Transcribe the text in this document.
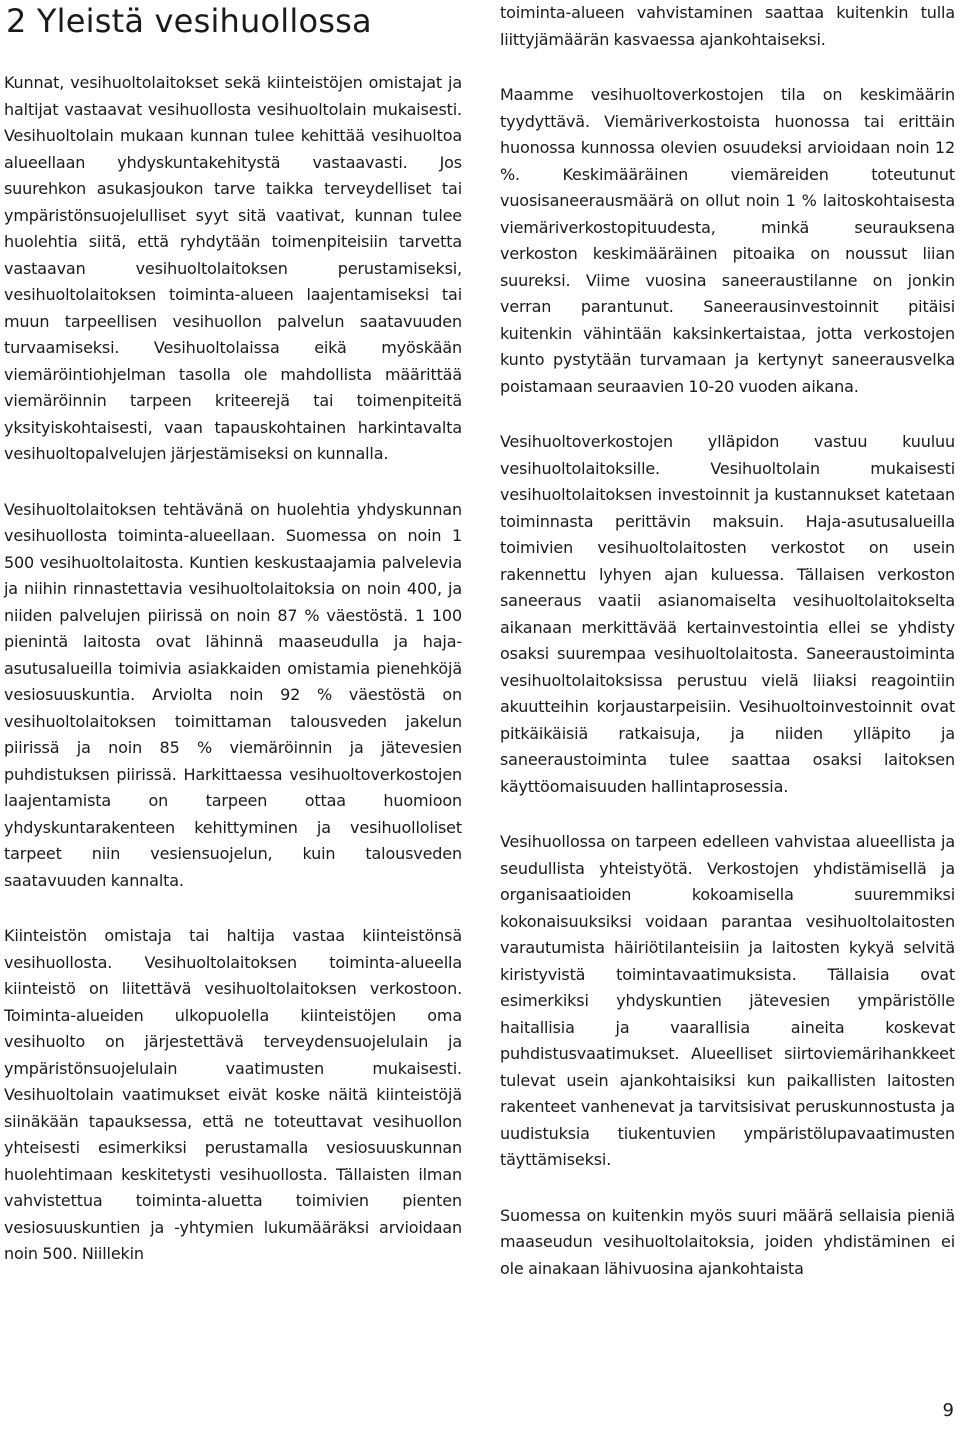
2 Yleistä vesihuollossa

Kunnat, vesihuoltolaitokset sekä kiinteistöjen omistajat ja haltijat vastaavat vesihuollosta vesihuoltolain mukaisesti. Vesihuoltolain mukaan kunnan tulee kehittää vesihuoltoa alueellaan yhdyskuntakehitystä vastaavasti. Jos suurehkon asukasjoukon tarve taikka terveydelliset tai ympäristönsuojelulliset syyt sitä vaativat, kunnan tulee huolehtia siitä, että ryhdytään toimenpiteisiin tarvetta vastaavan vesihuoltolaitoksen perustamiseksi, vesihuoltolaitoksen toiminta-alueen laajentamiseksi tai muun tarpeellisen vesihuollon palvelun saatavuuden turvaamiseksi. Vesihuoltolaissa eikä myöskään viemäröintiohjelman tasolla ole mahdollista määrittää viemäröinnin tarpeen kriteerejä tai toimenpiteitä yksityiskohtaisesti, vaan tapauskohtainen harkintavalta vesihuoltopalvelujen järjestämiseksi on kunnalla.

Vesihuoltolaitoksen tehtävänä on huolehtia yhdyskunnan vesihuollosta toiminta-alueellaan. Suomessa on noin 1 500 vesihuoltolaitosta. Kuntien keskustaajamia palvelevia ja niihin rinnastettavia vesihuoltolaitoksia on noin 400, ja niiden palvelujen piirissä on noin 87 % väestöstä. 1 100 pienintä laitosta ovat lähinnä maaseudulla ja haja-asutusalueilla toimivia asiakkaiden omistamia pienehköjä vesiosuuskuntia. Arviolta noin 92 % väestöstä on vesihuoltolaitoksen toimittaman talousveden jakelun piirissä ja noin 85 % viemäröinnin ja jätevesien puhdistuksen piirissä. Harkittaessa vesihuoltoverkostojen laajentamista on tarpeen ottaa huomioon yhdyskuntarakenteen kehittyminen ja vesihuolloliset tarpeet niin vesiensuojelun, kuin talousveden saatavuuden kannalta.

Kiinteistön omistaja tai haltija vastaa kiinteistönsä vesihuollosta. Vesihuoltolaitoksen toiminta-alueella kiinteistö on liitettävä vesihuoltolaitoksen verkostoon. Toiminta-alueiden ulkopuolella kiinteistöjen oma vesihuolto on järjestettävä terveydensuojelulain ja ympäristönsuojelulain vaatimusten mukaisesti. Vesihuoltolain vaatimukset eivät koske näitä kiinteistöjä siinäkään tapauksessa, että ne toteuttavat vesihuollon yhteisesti esimerkiksi perustamalla vesiosuuskunnan huolehtimaan keskitetysti vesihuollosta. Tällaisten ilman vahvistettua toiminta-aluetta toimivien pienten vesiosuuskuntien ja -yhtymien lukumääräksi arvioidaan noin 500. Niillekin

toiminta-alueen vahvistaminen saattaa kuitenkin tulla liittyjämäärän kasvaessa ajankohtaiseksi.

Maamme vesihuoltoverkostojen tila on keskimäärin tyydyttävä. Viemäriverkostoista huonossa tai erittäin huonossa kunnossa olevien osuudeksi arvioidaan noin 12 %. Keskimääräinen viemäreiden toteutunut vuosisaneerausmäärä on ollut noin 1 % laitoskohtaisesta viemäriverkostopituudesta, minkä seurauksena verkoston keskimääräinen pitoaika on noussut liian suureksi. Viime vuosina saneeraustilanne on jonkin verran parantunut. Saneerausinvestoinnit pitäisi kuitenkin vähintään kaksinkertaistaa, jotta verkostojen kunto pystytään turvamaan ja kertynyt saneerausvelka poistamaan seuraavien 10-20 vuoden aikana.

Vesihuoltoverkostojen ylläpidon vastuu kuuluu vesihuoltolaitoksille. Vesihuoltolain mukaisesti vesihuoltolaitoksen investoinnit ja kustannukset katetaan toiminnasta perittävin maksuin. Haja-asutusalueilla toimivien vesihuoltolaitosten verkostot on usein rakennettu lyhyen ajan kuluessa. Tällaisen verkoston saneeraus vaatii asianomaiselta vesihuoltolaitokselta aikanaan merkittävää kertainvestointia ellei se yhdisty osaksi suurempaa vesihuoltolaitosta. Saneeraustoiminta vesihuoltolaitoksissa perustuu vielä liiaksi reagointiin akuutteihin korjaustarpeisiin. Vesihuoltoinvestoinnit ovat pitkäikäisiä ratkaisuja, ja niiden ylläpito ja saneeraustoiminta tulee saattaa osaksi laitoksen käyttöomaisuuden hallintaprosessia.

Vesihuollossa on tarpeen edelleen vahvistaa alueellista ja seudullista yhteistyötä. Verkostojen yhdistämisellä ja organisaatioiden kokoamisella suuremmiksi kokonaisuuksiksi voidaan parantaa vesihuoltolaitosten varautumista häiriötilanteisiin ja laitosten kykyä selvitä kiristyvistä toimintavaatimuksista. Tällaisia ovat esimerkiksi yhdyskuntien jätevesien ympäristölle haitallisia ja vaarallisia aineita koskevat puhdistusvaatimukset. Alueelliset siirtoviemärihankkeet tulevat usein ajankohtaisiksi kun paikallisten laitosten rakenteet vanhenevat ja tarvitsisivat peruskunnostusta ja uudistuksia tiukentuvien ympäristölupavaatimusten täyttämiseksi.

Suomessa on kuitenkin myös suuri määrä sellaisia pieniä maaseudun vesihuoltolaitoksia, joiden yhdistäminen ei ole ainakaan lähivuosina ajankohtaista

9
